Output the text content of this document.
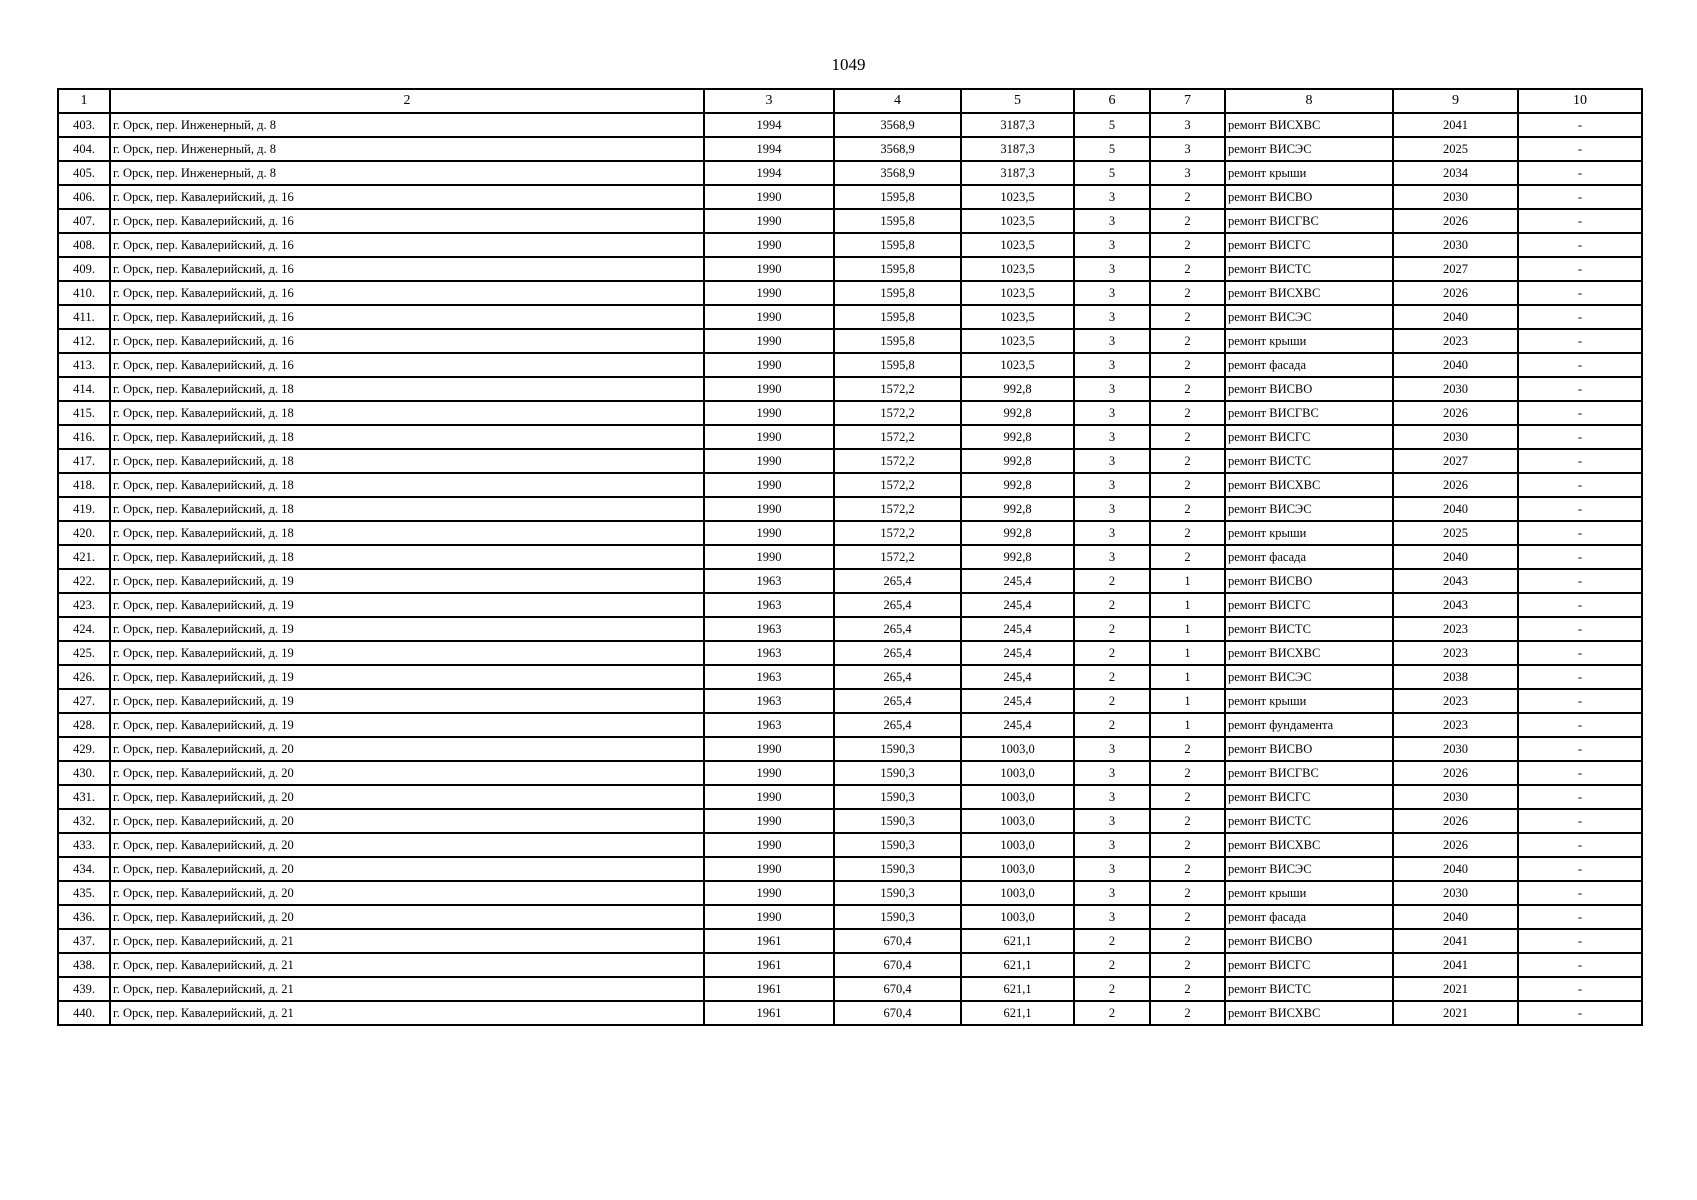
1049
1	2	3	4	5	6	7	8	9	10
403.	г. Орск, пер. Инженерный, д. 8	1994	3568,9	3187,3	5	3	ремонт ВИСХВС	2041	-
404.	г. Орск, пер. Инженерный, д. 8	1994	3568,9	3187,3	5	3	ремонт ВИСЭС	2025	-
405.	г. Орск, пер. Инженерный, д. 8	1994	3568,9	3187,3	5	3	ремонт крыши	2034	-
406.	г. Орск, пер. Кавалерийский, д. 16	1990	1595,8	1023,5	3	2	ремонт ВИСВО	2030	-
407.	г. Орск, пер. Кавалерийский, д. 16	1990	1595,8	1023,5	3	2	ремонт ВИСГВС	2026	-
408.	г. Орск, пер. Кавалерийский, д. 16	1990	1595,8	1023,5	3	2	ремонт ВИСГС	2030	-
409.	г. Орск, пер. Кавалерийский, д. 16	1990	1595,8	1023,5	3	2	ремонт ВИСТС	2027	-
410.	г. Орск, пер. Кавалерийский, д. 16	1990	1595,8	1023,5	3	2	ремонт ВИСХВС	2026	-
411.	г. Орск, пер. Кавалерийский, д. 16	1990	1595,8	1023,5	3	2	ремонт ВИСЭС	2040	-
412.	г. Орск, пер. Кавалерийский, д. 16	1990	1595,8	1023,5	3	2	ремонт крыши	2023	-
413.	г. Орск, пер. Кавалерийский, д. 16	1990	1595,8	1023,5	3	2	ремонт фасада	2040	-
414.	г. Орск, пер. Кавалерийский, д. 18	1990	1572,2	992,8	3	2	ремонт ВИСВО	2030	-
415.	г. Орск, пер. Кавалерийский, д. 18	1990	1572,2	992,8	3	2	ремонт ВИСГВС	2026	-
416.	г. Орск, пер. Кавалерийский, д. 18	1990	1572,2	992,8	3	2	ремонт ВИСГС	2030	-
417.	г. Орск, пер. Кавалерийский, д. 18	1990	1572,2	992,8	3	2	ремонт ВИСТС	2027	-
418.	г. Орск, пер. Кавалерийский, д. 18	1990	1572,2	992,8	3	2	ремонт ВИСХВС	2026	-
419.	г. Орск, пер. Кавалерийский, д. 18	1990	1572,2	992,8	3	2	ремонт ВИСЭС	2040	-
420.	г. Орск, пер. Кавалерийский, д. 18	1990	1572,2	992,8	3	2	ремонт крыши	2025	-
421.	г. Орск, пер. Кавалерийский, д. 18	1990	1572,2	992,8	3	2	ремонт фасада	2040	-
422.	г. Орск, пер. Кавалерийский, д. 19	1963	265,4	245,4	2	1	ремонт ВИСВО	2043	-
423.	г. Орск, пер. Кавалерийский, д. 19	1963	265,4	245,4	2	1	ремонт ВИСГС	2043	-
424.	г. Орск, пер. Кавалерийский, д. 19	1963	265,4	245,4	2	1	ремонт ВИСТС	2023	-
425.	г. Орск, пер. Кавалерийский, д. 19	1963	265,4	245,4	2	1	ремонт ВИСХВС	2023	-
426.	г. Орск, пер. Кавалерийский, д. 19	1963	265,4	245,4	2	1	ремонт ВИСЭС	2038	-
427.	г. Орск, пер. Кавалерийский, д. 19	1963	265,4	245,4	2	1	ремонт крыши	2023	-
428.	г. Орск, пер. Кавалерийский, д. 19	1963	265,4	245,4	2	1	ремонт фундамента	2023	-
429.	г. Орск, пер. Кавалерийский, д. 20	1990	1590,3	1003,0	3	2	ремонт ВИСВО	2030	-
430.	г. Орск, пер. Кавалерийский, д. 20	1990	1590,3	1003,0	3	2	ремонт ВИСГВС	2026	-
431.	г. Орск, пер. Кавалерийский, д. 20	1990	1590,3	1003,0	3	2	ремонт ВИСГС	2030	-
432.	г. Орск, пер. Кавалерийский, д. 20	1990	1590,3	1003,0	3	2	ремонт ВИСТС	2026	-
433.	г. Орск, пер. Кавалерийский, д. 20	1990	1590,3	1003,0	3	2	ремонт ВИСХВС	2026	-
434.	г. Орск, пер. Кавалерийский, д. 20	1990	1590,3	1003,0	3	2	ремонт ВИСЭС	2040	-
435.	г. Орск, пер. Кавалерийский, д. 20	1990	1590,3	1003,0	3	2	ремонт крыши	2030	-
436.	г. Орск, пер. Кавалерийский, д. 20	1990	1590,3	1003,0	3	2	ремонт фасада	2040	-
437.	г. Орск, пер. Кавалерийский, д. 21	1961	670,4	621,1	2	2	ремонт ВИСВО	2041	-
438.	г. Орск, пер. Кавалерийский, д. 21	1961	670,4	621,1	2	2	ремонт ВИСГС	2041	-
439.	г. Орск, пер. Кавалерийский, д. 21	1961	670,4	621,1	2	2	ремонт ВИСТС	2021	-
440.	г. Орск, пер. Кавалерийский, д. 21	1961	670,4	621,1	2	2	ремонт ВИСХВС	2021	-
